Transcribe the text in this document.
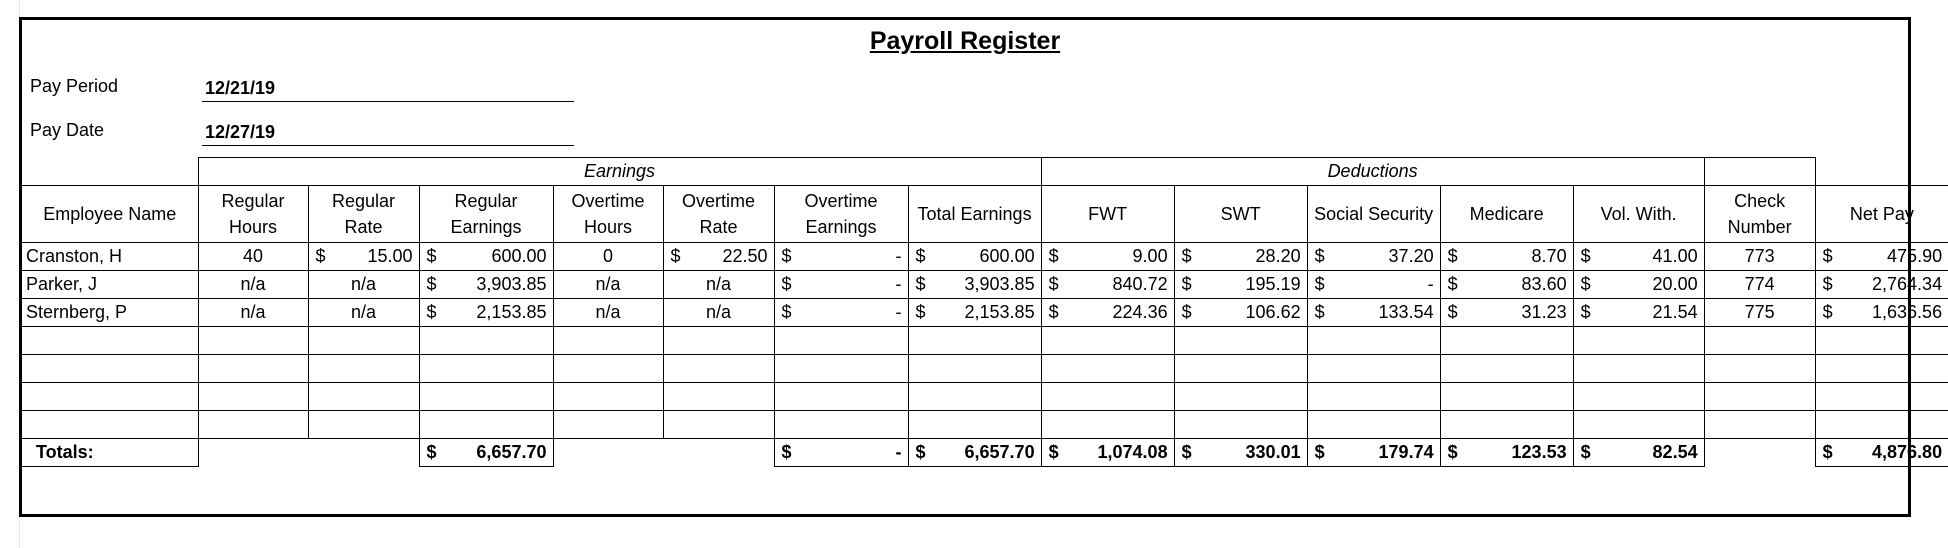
Payroll Register
Pay Period	12/21/19
Pay Date	12/27/19
	Earnings							Deductions						
Employee Name	Regular Hours	Regular Rate	Regular Earnings	Overtime Hours	Overtime Rate	Overtime Earnings	Total Earnings	FWT	SWT	Social Security	Medicare	Vol. With.	Check Number	Net Pay
Cranston, H	40	$ 15.00	$ 600.00	0	$ 22.50	$ -	$ 600.00	$ 9.00	$ 28.20	$ 37.20	$ 8.70	$ 41.00	773	$ 475.90

Parker, J	n/a	n/a	$ 3,903.85	n/a	n/a	$ -	$ 3,903.85	$ 840.72	$ 195.19	$ -	$ 83.60	$ 20.00	774	$ 2,764.34

Sternberg, P	n/a	n/a	$ 2,153.85	n/a	n/a	$ -	$ 2,153.85	$ 224.36	$ 106.62	$ 133.54	$ 31.23	$ 21.54	775	$ 1,636.56

Totals:			$ 6,657.70			$ -	$ 6,657.70	$ 1,074.08	$ 330.01	$ 179.74	$ 123.53	$ 82.54		$ 4,876.80
